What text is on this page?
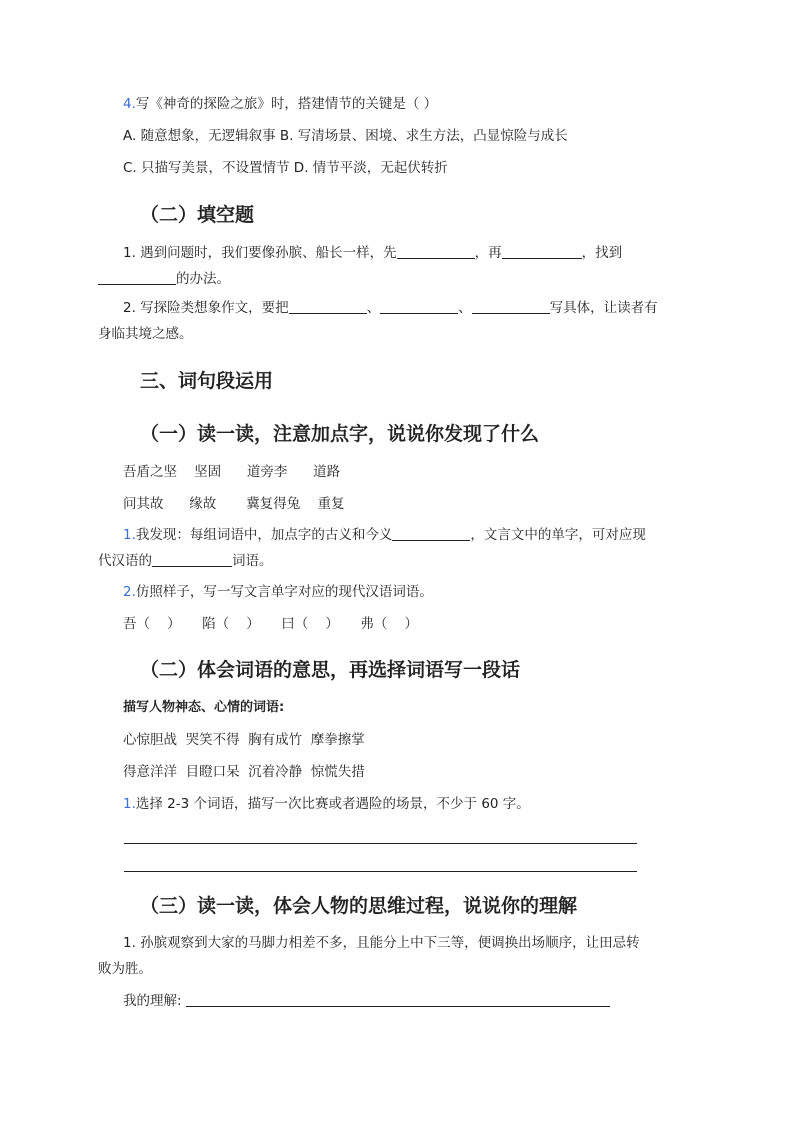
4.写《神奇的探险之旅》时，搭建情节的关键是（ ）
A. 随意想象，无逻辑叙事 B. 写清场景、困境、求生方法，凸显惊险与成长
C. 只描写美景，不设置情节 D. 情节平淡，无起伏转折
（二）填空题
1. 遇到问题时，我们要像孙膑、船长一样，先	，再	，找到
的办法。
2. 写探险类想象作文，要把	、	、	写具体，让读者有
身临其境之感。
三、词句段运用
（一）读一读，注意加点字，说说你发现了什么
吾盾之坚    坚固      道旁李      道路
问其故      缘故       冀复得兔    重复
1.我发现：每组词语中，加点字的古义和今义	，文言文中的单字，可对应现
代汉语的	词语。
2.仿照样子，写一写文言单字对应的现代汉语词语。
吾（    ）     陷（    ）     曰（    ）     弗（    ）
（二）体会词语的意思，再选择词语写一段话
描写人物神态、心情的词语:
心惊胆战  哭笑不得  胸有成竹  摩拳擦掌
得意洋洋  目瞪口呆  沉着冷静  惊慌失措
1.选择 2-3 个词语，描写一次比赛或者遇险的场景，不少于 60 字。
（三）读一读，体会人物的思维过程，说说你的理解
1. 孙膑观察到大家的马脚力相差不多，且能分上中下三等，便调换出场顺序，让田忌转
败为胜。
我的理解:
